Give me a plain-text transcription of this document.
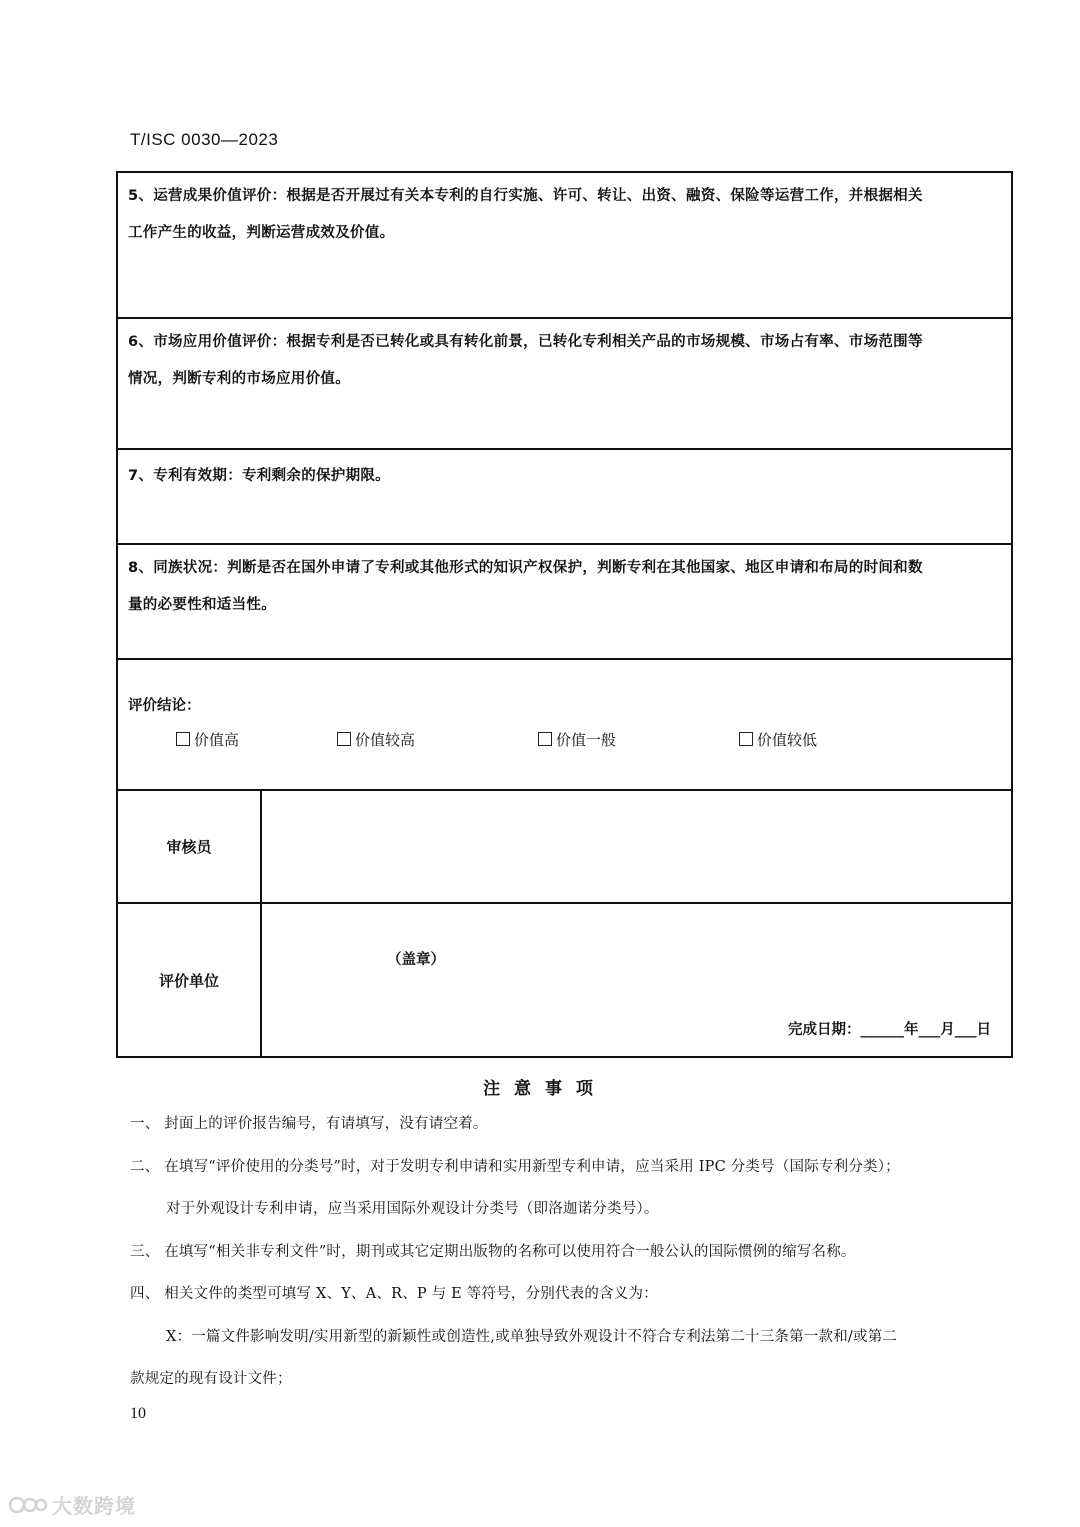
T/ISC 0030—2023
5、运营成果价值评价：根据是否开展过有关本专利的自行实施、许可、转让、出资、融资、保险等运营工作，并根据相关
工作产生的收益，判断运营成效及价值。	

6、市场应用价值评价：根据专利是否已转化或具有转化前景，已转化专利相关产品的市场规模、市场占有率、市场范围等
情况，判断专利的市场应用价值。	

7、专利有效期：专利剩余的保护期限。	

8、同族状况：判断是否在国外申请了专利或其他形式的知识产权保护，判断专利在其他国家、地区申请和布局的时间和数
量的必要性和适当性。	

评价结论：
价值高 价值较高 价值一般 价值较低	

审核员	
评价单位	（盖章）
完成日期：______年___月___日
注 意 事 项
一、 封面上的评价报告编号，有请填写，没有请空着。
二、 在填写“评价使用的分类号”时，对于发明专利申请和实用新型专利申请，应当采用 IPC 分类号（国际专利分类）；
对于外观设计专利申请，应当采用国际外观设计分类号（即洛迦诺分类号）。
三、 在填写“相关非专利文件”时，期刊或其它定期出版物的名称可以使用符合一般公认的国际惯例的缩写名称。
四、 相关文件的类型可填写 X、Y、A、R、P 与 E 等符号，分别代表的含义为：
X：一篇文件影响发明/实用新型的新颖性或创造性,或单独导致外观设计不符合专利法第二十三条第一款和/或第二
款规定的现有设计文件；
10
大数跨境
